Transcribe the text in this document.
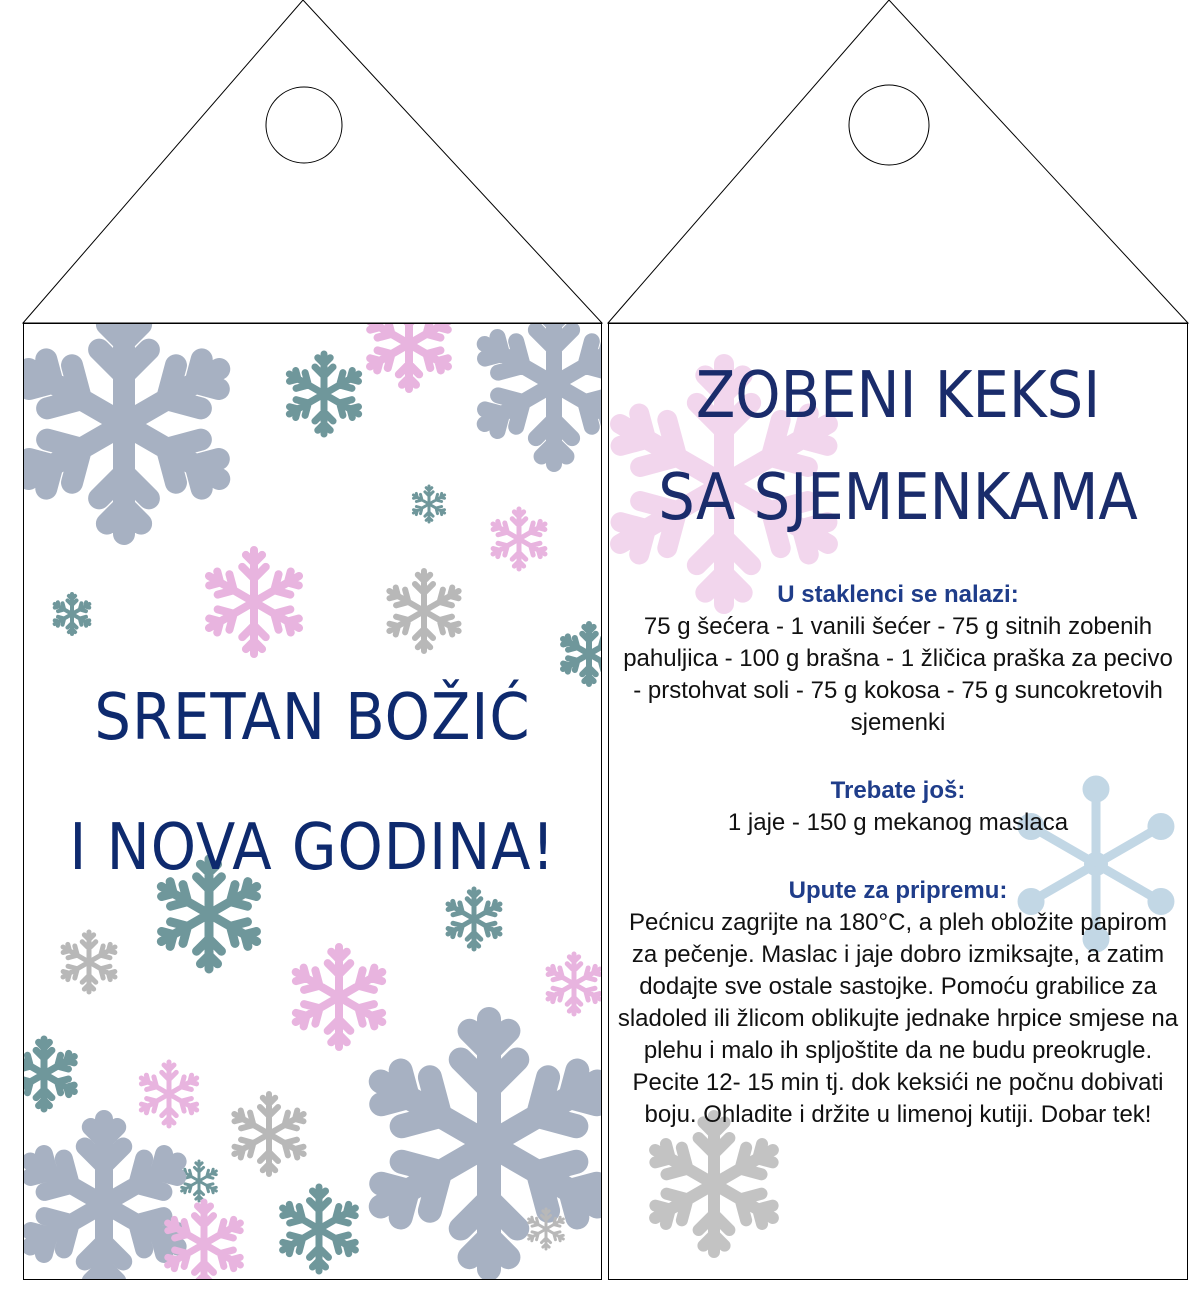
SRETAN BOŽIĆ
I NOVA GODINA!
ZOBENI KEKSI
SA SJEMENKAMA
U staklenci se nalazi:
75 g šećera - 1 vanili šećer - 75 g sitnih zobenih pahuljica - 100 g brašna - 1 žličica praška za pecivo - prstohvat soli - 75 g kokosa - 75 g suncokretovih sjemenki
Trebate još:
1 jaje - 150 g mekanog maslaca
Upute za pripremu:
Pećnicu zagrijte na 180°C, a pleh obložite papirom za pečenje. Maslac i jaje dobro izmiksajte, a zatim dodajte sve ostale sastojke. Pomoću grabilice za sladoled ili žlicom oblikujte jednake hrpice smjese na plehu i malo ih spljoštite da ne budu preokrugle. Pecite 12- 15 min tj. dok keksići ne počnu dobivati boju. Ohladite i držite u limenoj kutiji. Dobar tek!
